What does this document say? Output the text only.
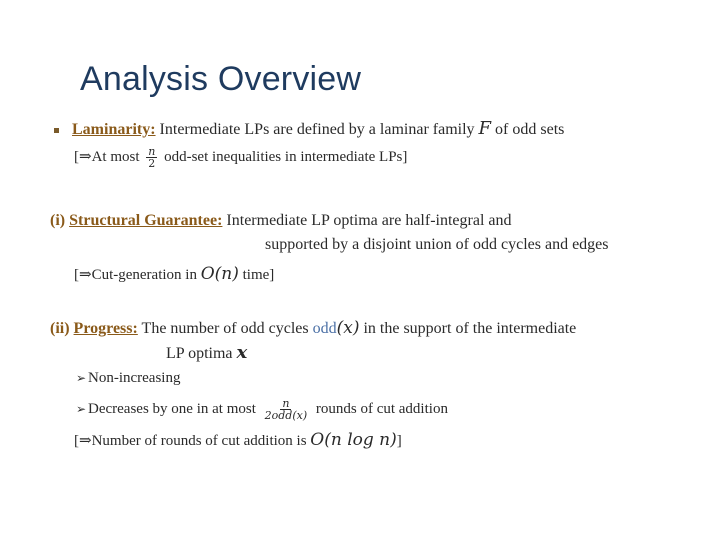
Analysis Overview
Laminarity: Intermediate LPs are defined by a laminar family F of odd sets
[⇒At most $\frac{n}{2} odd-set$ inequalities in intermediate LPs]
(i) Structural Guarantee: Intermediate LP optima are half-integral and
supported by a disjoint union of odd cycles and edges
[⇒Cut-generation in O(n) time]
(ii) Progress: The number of odd cycles odd(x) in the support of the intermediate
LP optima x
➢ Non-increasing
➢ Decreases by one in at most $\frac{n}{\text{2odd(x)}}$ rounds of cut addition
[⇒Number of rounds of cut addition is O(n log n)]
